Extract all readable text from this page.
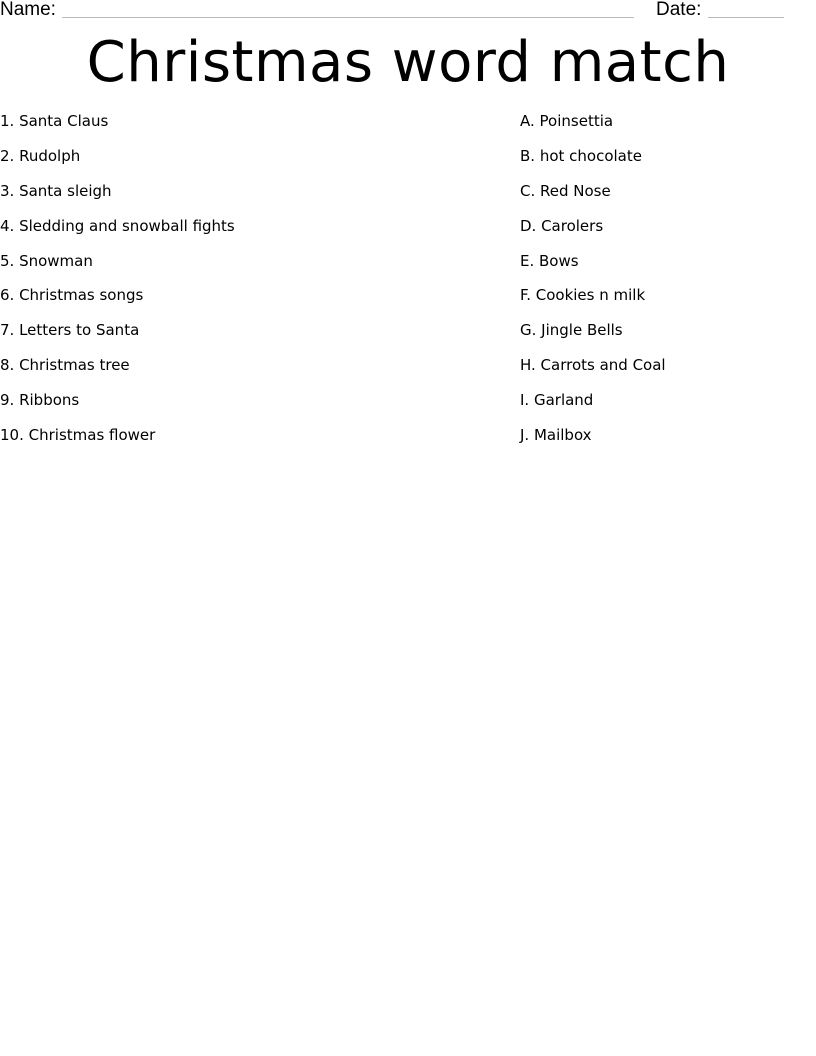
Name:	Date:
Christmas word match
1. Santa Claus
2. Rudolph
3. Santa sleigh
4. Sledding and snowball fights
5. Snowman
6. Christmas songs
7. Letters to Santa
8. Christmas tree
9. Ribbons
10. Christmas flower
A. Poinsettia
B. hot chocolate
C. Red Nose
D. Carolers
E. Bows
F. Cookies n milk
G. Jingle Bells
H. Carrots and Coal
I. Garland
J. Mailbox
